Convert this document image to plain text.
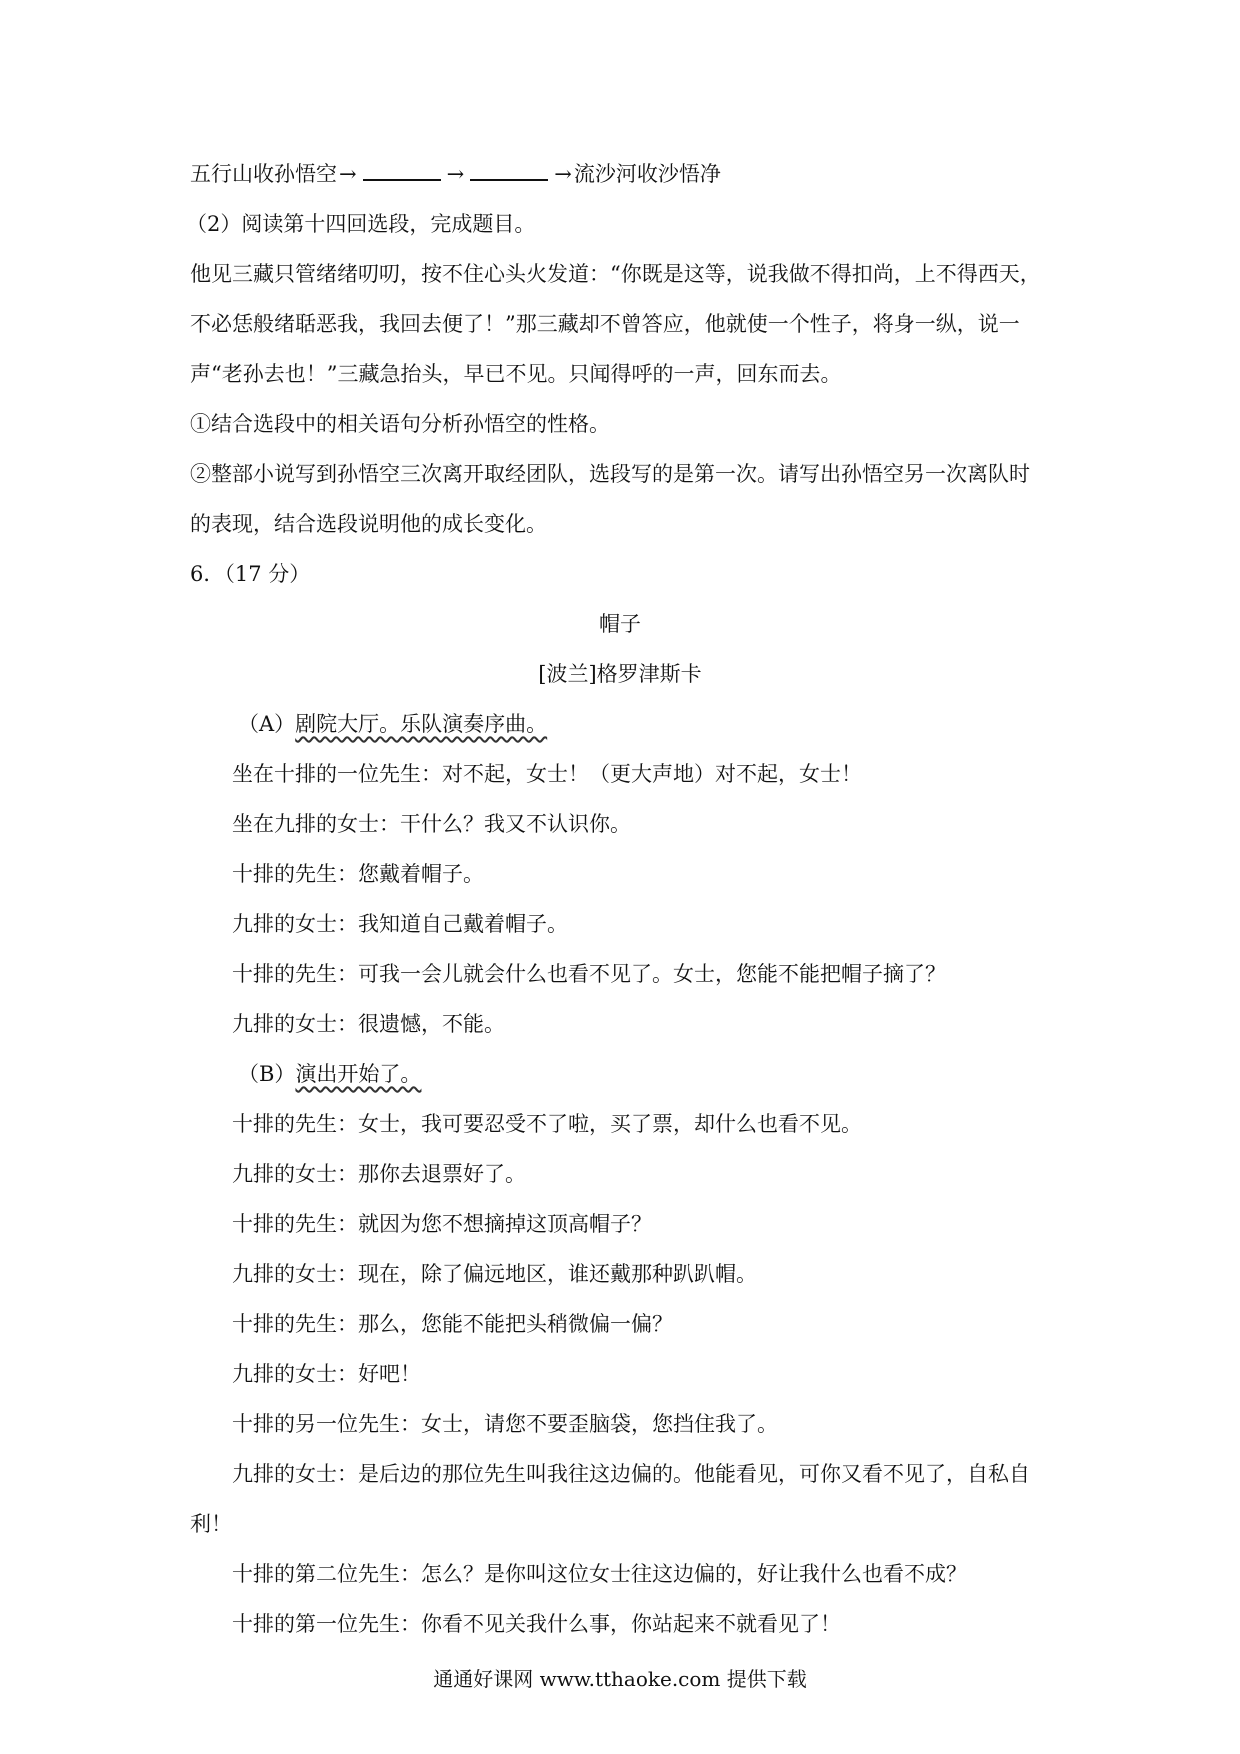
五行山收孙悟空→	→	→流沙河收沙悟净
（2）阅读第十四回选段，完成题目。
他见三藏只管绪绪叨叨，按不住心头火发道：“你既是这等，说我做不得扣尚，上不得西天，
不必恁般绪聒恶我，我回去便了！”那三藏却不曾答应，他就使一个性子，将身一纵，说一
声“老孙去也！”三藏急抬头，早已不见。只闻得呼的一声，回东而去。
①结合选段中的相关语句分析孙悟空的性格。
②整部小说写到孙悟空三次离开取经团队，选段写的是第一次。请写出孙悟空另一次离队时
的表现，结合选段说明他的成长变化。
6．（17 分）
帽子
[波兰]格罗津斯卡
（A）剧院大厅。乐队演奏序曲。
坐在十排的一位先生：对不起，女士！（更大声地）对不起，女士！
坐在九排的女士：干什么？我又不认识你。
十排的先生：您戴着帽子。
九排的女士：我知道自己戴着帽子。
十排的先生：可我一会儿就会什么也看不见了。女士，您能不能把帽子摘了？
九排的女士：很遗憾，不能。
（B）演出开始了。
十排的先生：女士，我可要忍受不了啦，买了票，却什么也看不见。
九排的女士：那你去退票好了。
十排的先生：就因为您不想摘掉这顶高帽子？
九排的女士：现在，除了偏远地区，谁还戴那种趴趴帽。
十排的先生：那么，您能不能把头稍微偏一偏？
九排的女士：好吧！
十排的另一位先生：女士，请您不要歪脑袋，您挡住我了。
九排的女士：是后边的那位先生叫我往这边偏的。他能看见，可你又看不见了，自私自
利！
十排的第二位先生：怎么？是你叫这位女士往这边偏的，好让我什么也看不成？
十排的第一位先生：你看不见关我什么事，你站起来不就看见了！
通通好课网 www.tthaoke.com 提供下载
